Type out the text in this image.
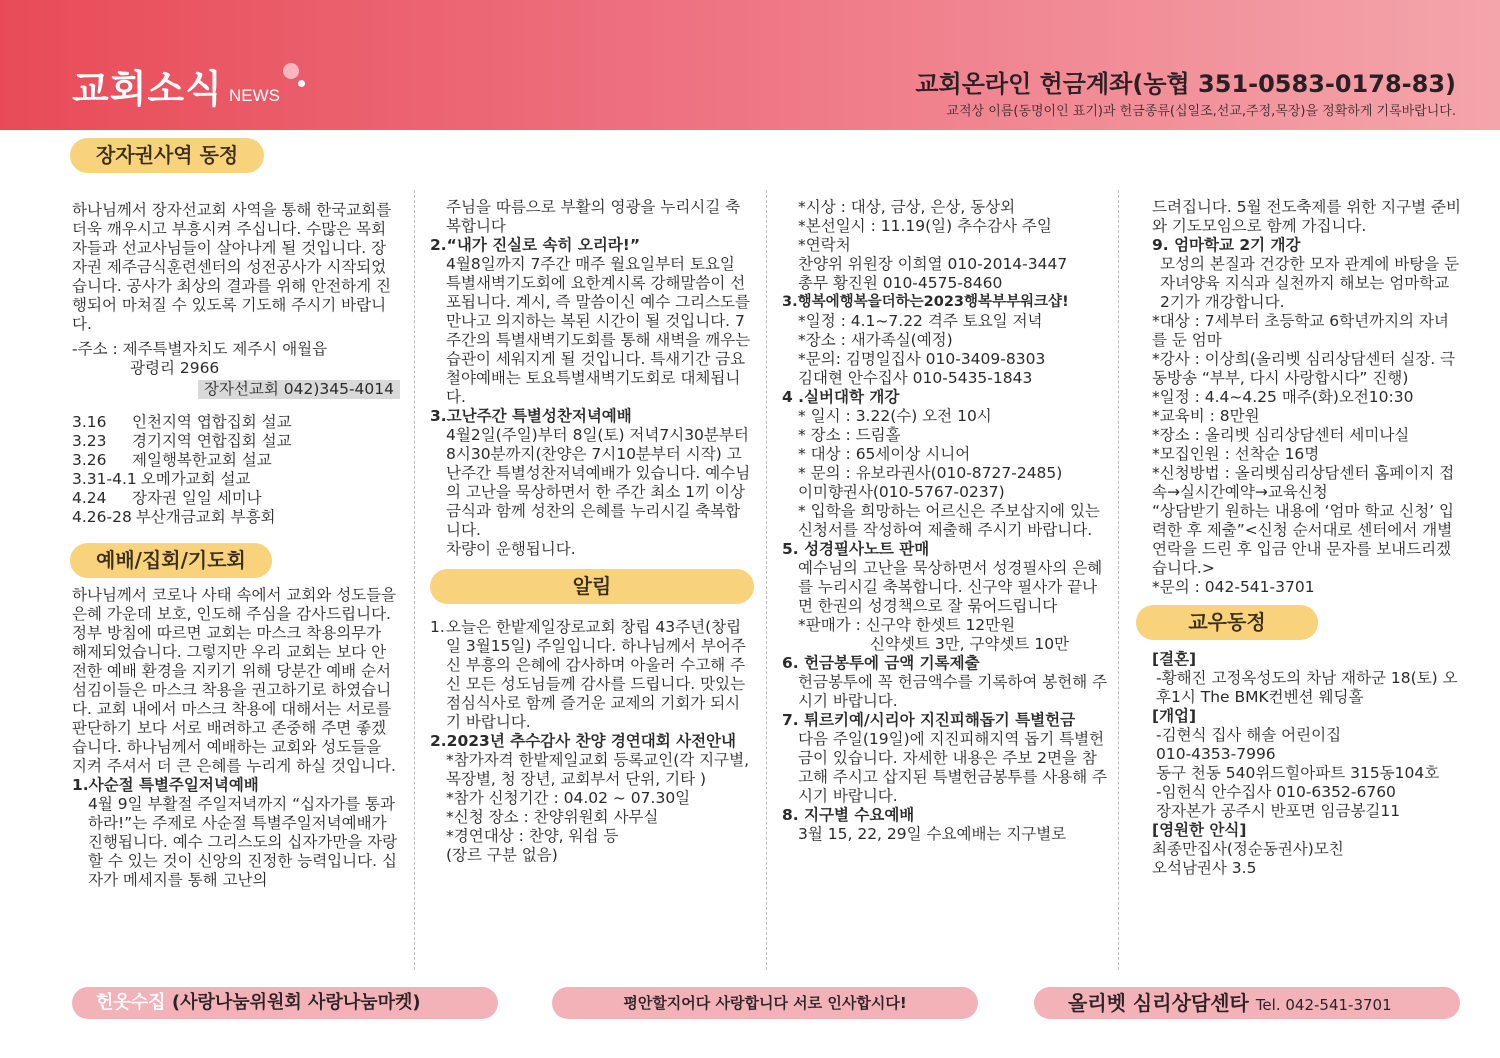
교회소식 NEWS	교회온라인 헌금계좌(농협 351-0583-0178-83)
교적상 이름(동명이인 표기)과 헌금종류(십일조,선교,주정,목장)을 정확하게 기록바랍니다.
장자권사역 동정

하나님께서 장자선교회 사역을 통해 한국교회를 더욱 깨우시고 부흥시켜 주십니다. 수많은 목회자들과 선교사님들이 살아나게 될 것입니다. 장자권 제주금식훈련센터의 성전공사가 시작되었습니다. 공사가 최상의 결과를 위해 안전하게 진행되어 마쳐질 수 있도록 기도해 주시기 바랍니다.

-주소 : 제주특별자치도 제주시 애월읍

광령리 2966

장자선교회 042)345-4014

3.16	인천지역 엽합집회 설교
3.23	경기지역 연합집회 설교
3.26	제일행복한교회 설교
3.31-4.1 오메가교회 설교
4.24	장자권 일일 세미나
4.26-28 부산개금교회 부흥회
예배/집회/기도회

하나님께서 코로나 사태 속에서 교회와 성도들을 은혜 가운데 보호, 인도해 주심을 감사드립니다. 정부 방침에 따르면 교회는 마스크 착용의무가 해제되었습니다. 그렇지만 우리 교회는 보다 안전한 예배 환경을 지키기 위해 당분간 예배 순서 섬김이들은 마스크 착용을 권고하기로 하였습니다. 교회 내에서 마스크 착용에 대해서는 서로를 판단하기 보다 서로 배려하고 존중해 주면 좋겠습니다. 하나님께서 예배하는 교회와 성도들을 지켜 주셔서 더 큰 은혜를 누리게 하실 것입니다.

1.사순절 특별주일저녁예배

4월 9일 부활절 주일저녁까지 “십자가를 통과하라!”는 주제로 사순절 특별주일저녁예배가 진행됩니다. 예수 그리스도의 십자가만을 자랑할 수 있는 것이 신앙의 진정한 능력입니다. 십자가 메세지를 통해 고난의

주님을 따름으로 부활의 영광을 누리시길 축복합니다

2.“내가 진실로 속히 오리라!”

4월8일까지 7주간 매주 월요일부터 토요일 특별새벽기도회에 요한계시록 강해말씀이 선포됩니다. 계시, 즉 말씀이신 예수 그리스도를 만나고 의지하는 복된 시간이 될 것입니다. 7주간의 특별새벽기도회를 통해 새벽을 깨우는 습관이 세워지게 될 것입니다. 특새기간 금요철야예배는 토요특별새벽기도회로 대체됩니다.

3.고난주간 특별성찬저녁예배

4월2일(주일)부터 8일(토) 저녁7시30분부터 8시30분까지(찬양은 7시10분부터 시작) 고난주간 특별성찬저녁예배가 있습니다. 예수님의 고난을 묵상하면서 한 주간 최소 1끼 이상 금식과 함께 성찬의 은혜를 누리시길 축복합니다.

차량이 운행됩니다.

알림
1. 오늘은 한밭제일장로교회 창립 43주년(창립일 3월15일) 주일입니다. 하나님께서 부어주신 부흥의 은혜에 감사하며 아울러 수고해 주신 모든 성도님들께 감사를 드립니다. 맛있는 점심식사로 함께 즐거운 교제의 기회가 되시기 바랍니다.

2.2023년 추수감사 찬양 경연대회 사전안내

*참가자격 한밭제일교회 등록교인(각 지구별, 목장별, 청 장년, 교회부서 단위, 기타 )

*참가 신청기간 : 04.02 ~ 07.30일

*신청 장소 : 찬양위원회 사무실

*경연대상 : 찬양, 워쉽 등

(장르 구분 없음)

*시상 : 대상, 금상, 은상, 동상외

*본선일시 : 11.19(일) 추수감사 주일

*연락처

찬양위 위원장 이희열 010-2014-3447

총무 황진원 010-4575-8460

3.행복에행복을더하는2023행복부부워크샵!

*일정 : 4.1~7.22 격주 토요일 저녁

*장소 : 새가족실(예정)

*문의: 김명일집사 010-3409-8303

김대현 안수집사 010-5435-1843

4 .실버대학 개강

* 일시 : 3.22(수) 오전 10시

* 장소 : 드림홀

* 대상 : 65세이상 시니어

* 문의 : 유보라권사(010-8727-2485)

이미향권사(010-5767-0237)

* 입학을 희망하는 어르신은 주보삽지에 있는 신청서를 작성하여 제출해 주시기 바랍니다.

5. 성경필사노트 판매

예수님의 고난을 묵상하면서 성경필사의 은혜를 누리시길 축복합니다. 신구약 필사가 끝나면 한권의 성경책으로 잘 묶어드립니다

*판매가 : 신구약 한셋트 12만원

신약셋트 3만, 구약셋트 10만

6. 헌금봉투에 금액 기록제출

헌금봉투에 꼭 헌금액수를 기록하여 봉헌해 주시기 바랍니다.

7. 튀르키예/시리아 지진피해돕기 특별헌금

다음 주일(19일)에 지진피해지역 돕기 특별헌금이 있습니다. 자세한 내용은 주보 2면을 참고해 주시고 삽지된 특별헌금봉투를 사용해 주시기 바랍니다.

8. 지구별 수요예배

3월 15, 22, 29일 수요예배는 지구별로

드려집니다. 5월 전도축제를 위한 지구별 준비와 기도모임으로 함께 가집니다.

9. 엄마학교 2기 개강

모성의 본질과 건강한 모자 관계에 바탕을 둔 자녀양육 지식과 실천까지 해보는 엄마학교 2기가 개강합니다.

*대상 : 7세부터 초등학교 6학년까지의 자녀를 둔 엄마

*강사 : 이상희(올리벳 심리상담센터 실장. 극동방송 “부부, 다시 사랑합시다” 진행)

*일정 : 4.4~4.25 매주(화)오전10:30

*교육비 : 8만원

*장소 : 올리벳 심리상담센터 세미나실

*모집인원 : 선착순 16명

*신청방법 : 올리벳심리상담센터 홈페이지 접속→실시간예약→교육신청

“상담받기 원하는 내용에 ‘엄마 학교 신청’ 입력한 후 제출”<신청 순서대로 센터에서 개별 연락을 드린 후 입금 안내 문자를 보내드리겠습니다.>

*문의 : 042-541-3701

교우동정

[결혼]

-황해진 고정옥성도의 차남 재하군 18(토) 오후1시 The BMK컨벤션 웨딩홀

[개업]

-김현식 집사 해솔 어린이집

010-4353-7996

동구 천동 540위드힐아파트 315동104호

-임헌식 안수집사 010-6352-6760

장자본가 공주시 반포면 임금봉길11

[영원한 안식]

최종만집사(정순동권사)모친

오석남권사 3.5

헌옷수집 (사랑나눔위원회 사랑나눔마켓)	평안할지어다 사랑합니다 서로 인사합시다!	올리벳 심리상담센타 Tel. 042-541-3701
